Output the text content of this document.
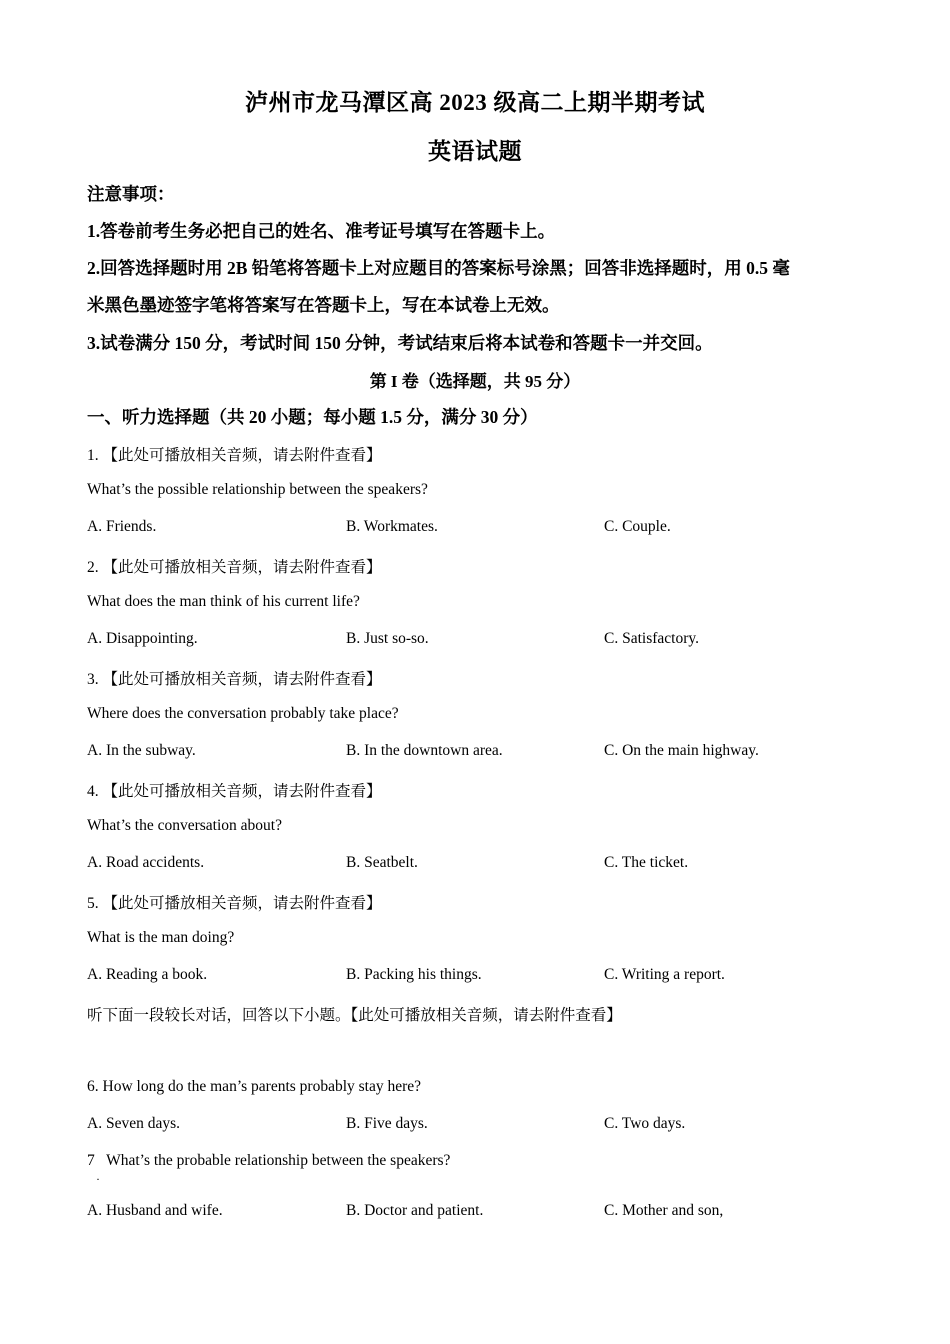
泸州市龙马潭区高 2023 级高二上期半期考试
英语试题
注意事项：
1.答卷前考生务必把自己的姓名、准考证号填写在答题卡上。
2.回答选择题时用 2B 铅笔将答题卡上对应题目的答案标号涂黑；回答非选择题时，用 0.5 毫
米黑色墨迹签字笔将答案写在答题卡上，写在本试卷上无效。
3.试卷满分 150 分，考试时间 150 分钟，考试结束后将本试卷和答题卡一并交回。
第 I 卷（选择题，共 95 分）
一、听力选择题（共 20 小题；每小题 1.5 分，满分 30 分）
1. 【此处可播放相关音频，请去附件查看】
What’s the possible relationship between the speakers?
A. Friends.	B. Workmates.	C. Couple.
2. 【此处可播放相关音频，请去附件查看】
What does the man think of his current life?
A. Disappointing.	B. Just so-so.	C. Satisfactory.
3. 【此处可播放相关音频，请去附件查看】
Where does the conversation probably take place?
A. In the subway.	B. In the downtown area.	C. On the main highway.
4. 【此处可播放相关音频，请去附件查看】
What’s the conversation about?
A. Road accidents.	B. Seatbelt.	C. The ticket.
5. 【此处可播放相关音频，请去附件查看】
What is the man doing?
A. Reading a book.	B. Packing his things.	C. Writing a report.
听下面一段较长对话，回答以下小题。【此处可播放相关音频，请去附件查看】
6. How long do the man’s parents probably stay here?
A. Seven days.	B. Five days.	C. Two days.
7   What’s the probable relationship between the speakers?
·
A. Husband and wife.	B. Doctor and patient.	C. Mother and son,
